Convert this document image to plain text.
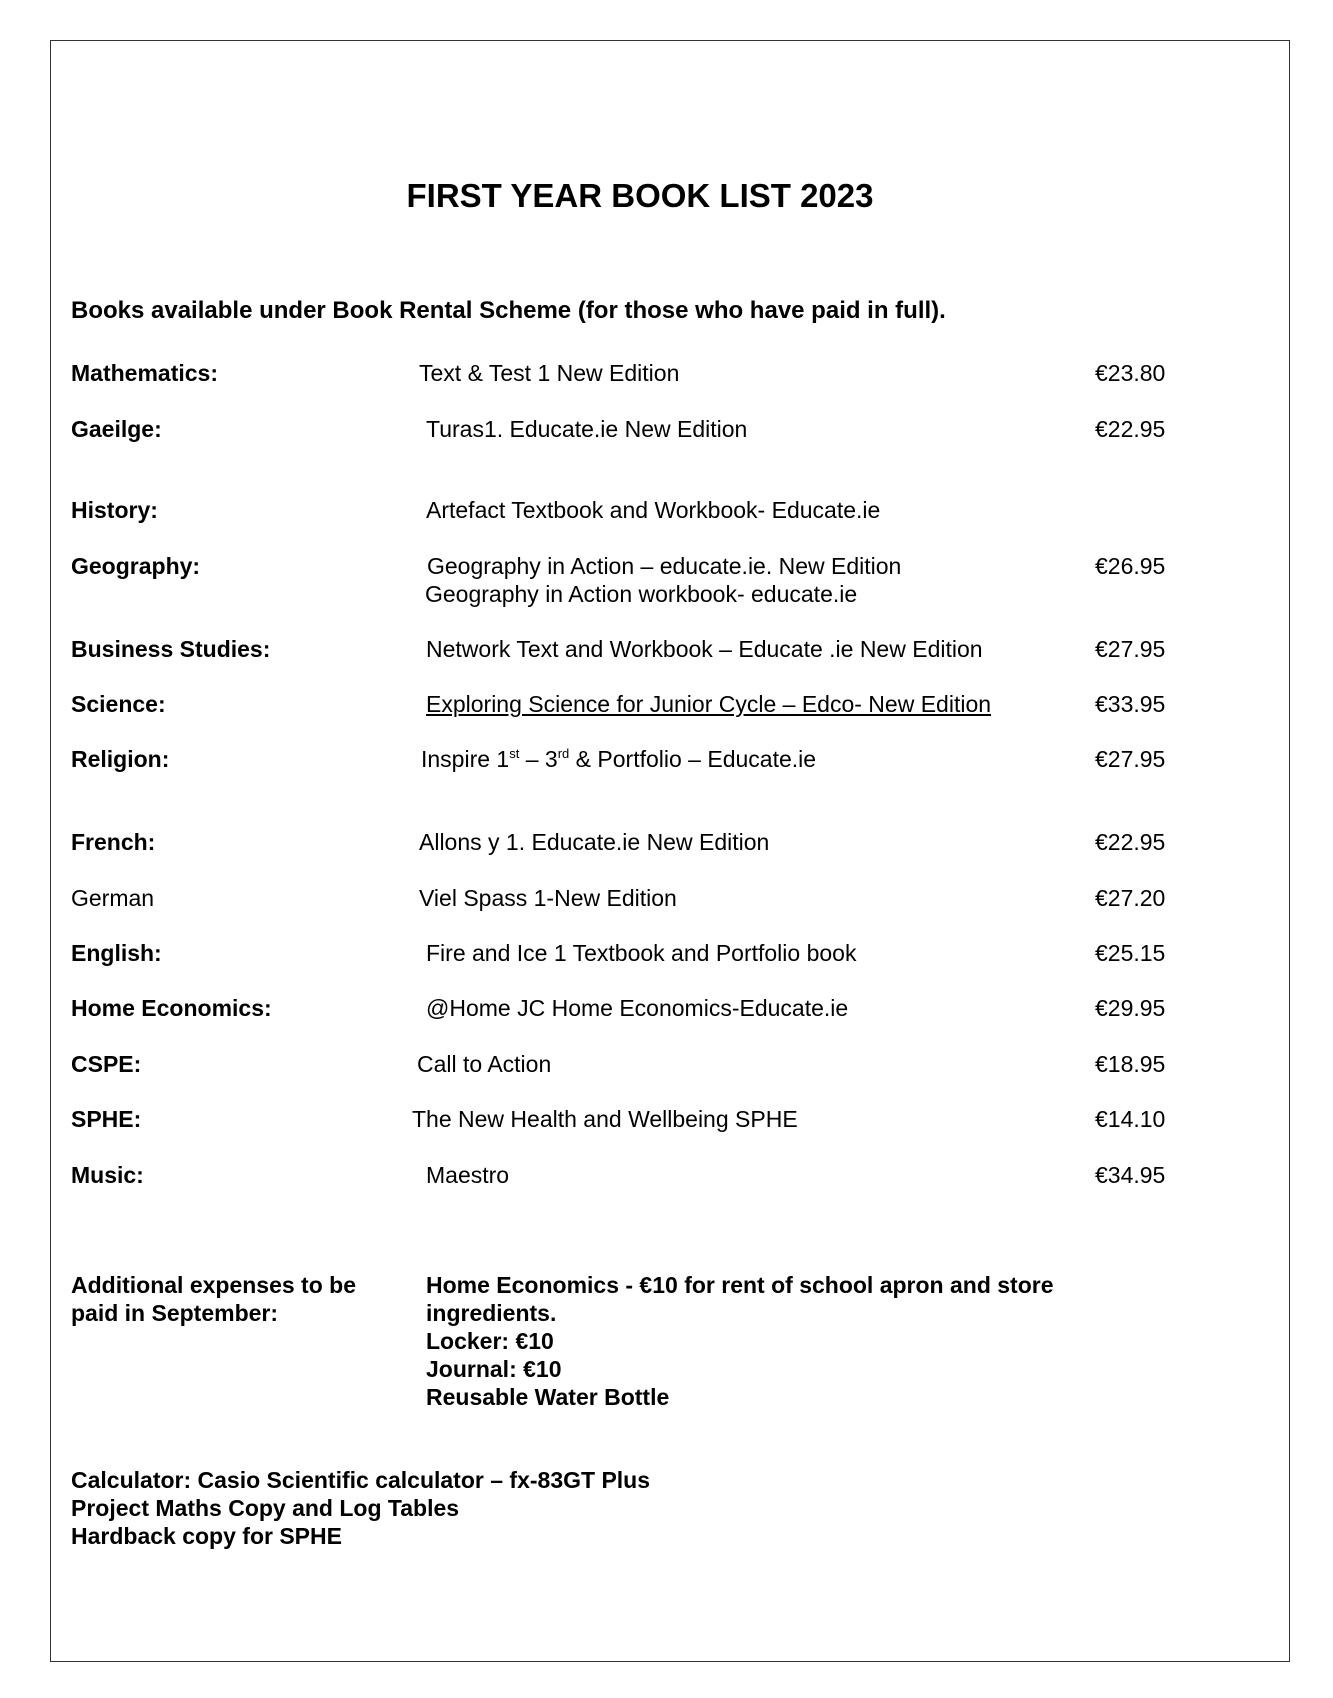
FIRST YEAR BOOK LIST 2023
Books available under Book Rental Scheme (for those who have paid in full).
Mathematics:	Text & Test 1 New Edition	€23.80
Gaeilge:	Turas1. Educate.ie New Edition	€22.95
History:	Artefact Textbook and Workbook- Educate.ie
Geography:	Geography in Action – educate.ie. New Edition	€26.95
Geography in Action workbook- educate.ie
Business Studies:	Network Text and Workbook – Educate .ie New Edition	€27.95
Science:	Exploring Science for Junior Cycle – Edco- New Edition	€33.95
Religion:	Inspire 1st – 3rd & Portfolio – Educate.ie	€27.95
French:	Allons y 1. Educate.ie New Edition	€22.95
German	Viel Spass 1-New Edition	€27.20
English:	Fire and Ice 1 Textbook and Portfolio book	€25.15
Home Economics:	@Home JC Home Economics-Educate.ie	€29.95
CSPE:	Call to Action	€18.95
SPHE:	The New Health and Wellbeing SPHE	€14.10
Music:	Maestro	€34.95
Additional expenses to be
paid in September:
Home Economics - €10 for rent of school apron and store
ingredients.
Locker: €10
Journal: €10
Reusable Water Bottle
Calculator: Casio Scientific calculator – fx-83GT Plus
Project Maths Copy and Log Tables
Hardback copy for SPHE
